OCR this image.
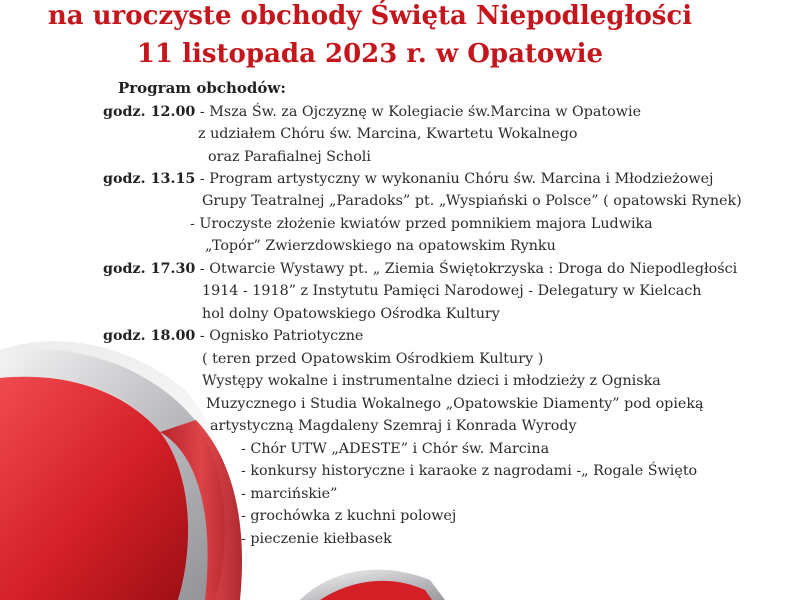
na uroczyste obchody Święta Niepodległości
11 listopada 2023 r. w Opatowie
Program obchodów:
godz. 12.00 - Msza Św. za Ojczyznę w Kolegiacie św.Marcina w Opatowie
z udziałem Chóru św. Marcina, Kwartetu Wokalnego
oraz Parafialnej Scholi
godz. 13.15 - Program artystyczny w wykonaniu Chóru św. Marcina i Młodzieżowej
Grupy Teatralnej „Paradoks” pt. „Wyspiański o Polsce” ( opatowski Rynek)
- Uroczyste złożenie kwiatów przed pomnikiem majora Ludwika
„Topór” Zwierzdowskiego na opatowskim Rynku
godz. 17.30 - Otwarcie Wystawy pt. „ Ziemia Świętokrzyska : Droga do Niepodległości
1914 - 1918” z Instytutu Pamięci Narodowej - Delegatury w Kielcach
hol dolny Opatowskiego Ośrodka Kultury
godz. 18.00 - Ognisko Patriotyczne
( teren przed Opatowskim Ośrodkiem Kultury )
Występy wokalne i instrumentalne dzieci i młodzieży z Ogniska
Muzycznego i Studia Wokalnego „Opatowskie Diamenty” pod opieką
artystyczną Magdaleny Szemraj i Konrada Wyrody
- Chór UTW „ADESTE” i Chór św. Marcina
- konkursy historyczne i karaoke z nagrodami -„ Rogale Święto
- marcińskie”
- grochówka z kuchni polowej
- pieczenie kiełbasek
